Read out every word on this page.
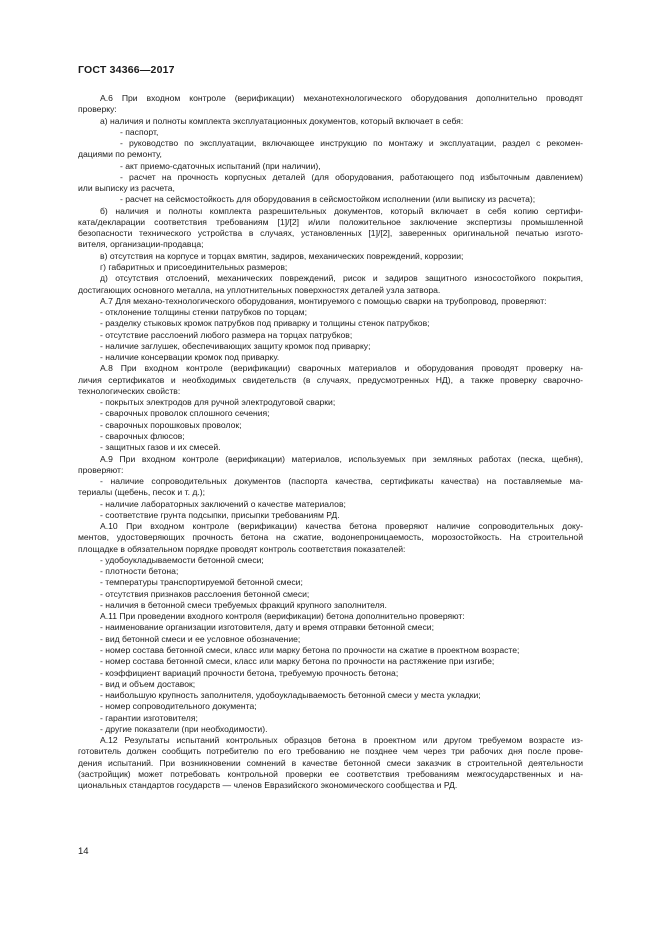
ГОСТ 34366—2017
А.6 При входном контроле (верификации) механотехнологического оборудования дополнительно проводят
проверку:
а) наличия и полноты комплекта эксплуатационных документов, который включает в себя:
- паспорт,
- руководство по эксплуатации, включающее инструкцию по монтажу и эксплуатации, раздел с рекомен-
дациями по ремонту,
- акт приемо-сдаточных испытаний (при наличии),
- расчет на прочность корпусных деталей (для оборудования, работающего под избыточным давлением)
или выписку из расчета,
- расчет на сейсмостойкость для оборудования в сейсмостойком исполнении (или выписку из расчета);
б) наличия и полноты комплекта разрешительных документов, который включает в себя копию сертифи-
ката/декларации соответствия требованиям [1]/[2] и/или положительное заключение экспертизы промышленной
безопасности технического устройства в случаях, установленных [1]/[2], заверенных оригинальной печатью изгото-
вителя, организации-продавца;
в) отсутствия на корпусе и торцах вмятин, задиров, механических повреждений, коррозии;
г) габаритных и присоединительных размеров;
д) отсутствия отслоений, механических повреждений, рисок и задиров защитного износостойкого покрытия,
достигающих основного металла, на уплотнительных поверхностях деталей узла затвора.
А.7 Для механо-технологического оборудования, монтируемого с помощью сварки на трубопровод, проверяют:
- отклонение толщины стенки патрубков по торцам;
- разделку стыковых кромок патрубков под приварку и толщины стенок патрубков;
- отсутствие расслоений любого размера на торцах патрубков;
- наличие заглушек, обеспечивающих защиту кромок под приварку;
- наличие консервации кромок под приварку.
А.8 При входном контроле (верификации) сварочных материалов и оборудования проводят проверку на-
личия сертификатов и необходимых свидетельств (в случаях, предусмотренных НД), а также проверку сварочно-
технологических свойств:
- покрытых электродов для ручной электродуговой сварки;
- сварочных проволок сплошного сечения;
- сварочных порошковых проволок;
- сварочных флюсов;
- защитных газов и их смесей.
А.9 При входном контроле (верификации) материалов, используемых при земляных работах (песка, щебня),
проверяют:
- наличие сопроводительных документов (паспорта качества, сертификаты качества) на поставляемые ма-
териалы (щебень, песок и т. д.);
- наличие лабораторных заключений о качестве материалов;
- соответствие грунта подсыпки, присыпки требованиям РД.
А.10 При входном контроле (верификации) качества бетона проверяют наличие сопроводительных доку-
ментов, удостоверяющих прочность бетона на сжатие, водонепроницаемость, морозостойкость. На строительной
площадке в обязательном порядке проводят контроль соответствия показателей:
- удобоукладываемости бетонной смеси;
- плотности бетона;
- температуры транспортируемой бетонной смеси;
- отсутствия признаков расслоения бетонной смеси;
- наличия в бетонной смеси требуемых фракций крупного заполнителя.
А.11 При проведении входного контроля (верификации) бетона дополнительно проверяют:
- наименование организации изготовителя, дату и время отправки бетонной смеси;
- вид бетонной смеси и ее условное обозначение;
- номер состава бетонной смеси, класс или марку бетона по прочности на сжатие в проектном возрасте;
- номер состава бетонной смеси, класс или марку бетона по прочности на растяжение при изгибе;
- коэффициент вариаций прочности бетона, требуемую прочность бетона;
- вид и объем доставок;
- наибольшую крупность заполнителя, удобоукладываемость бетонной смеси у места укладки;
- номер сопроводительного документа;
- гарантии изготовителя;
- другие показатели (при необходимости).
А.12 Результаты испытаний контрольных образцов бетона в проектном или другом требуемом возрасте из-
готовитель должен сообщить потребителю по его требованию не позднее чем через три рабочих дня после прове-
дения испытаний. При возникновении сомнений в качестве бетонной смеси заказчик в строительной деятельности
(застройщик) может потребовать контрольной проверки ее соответствия требованиям межгосударственных и на-
циональных стандартов государств — членов Евразийского экономического сообщества и РД.
14
